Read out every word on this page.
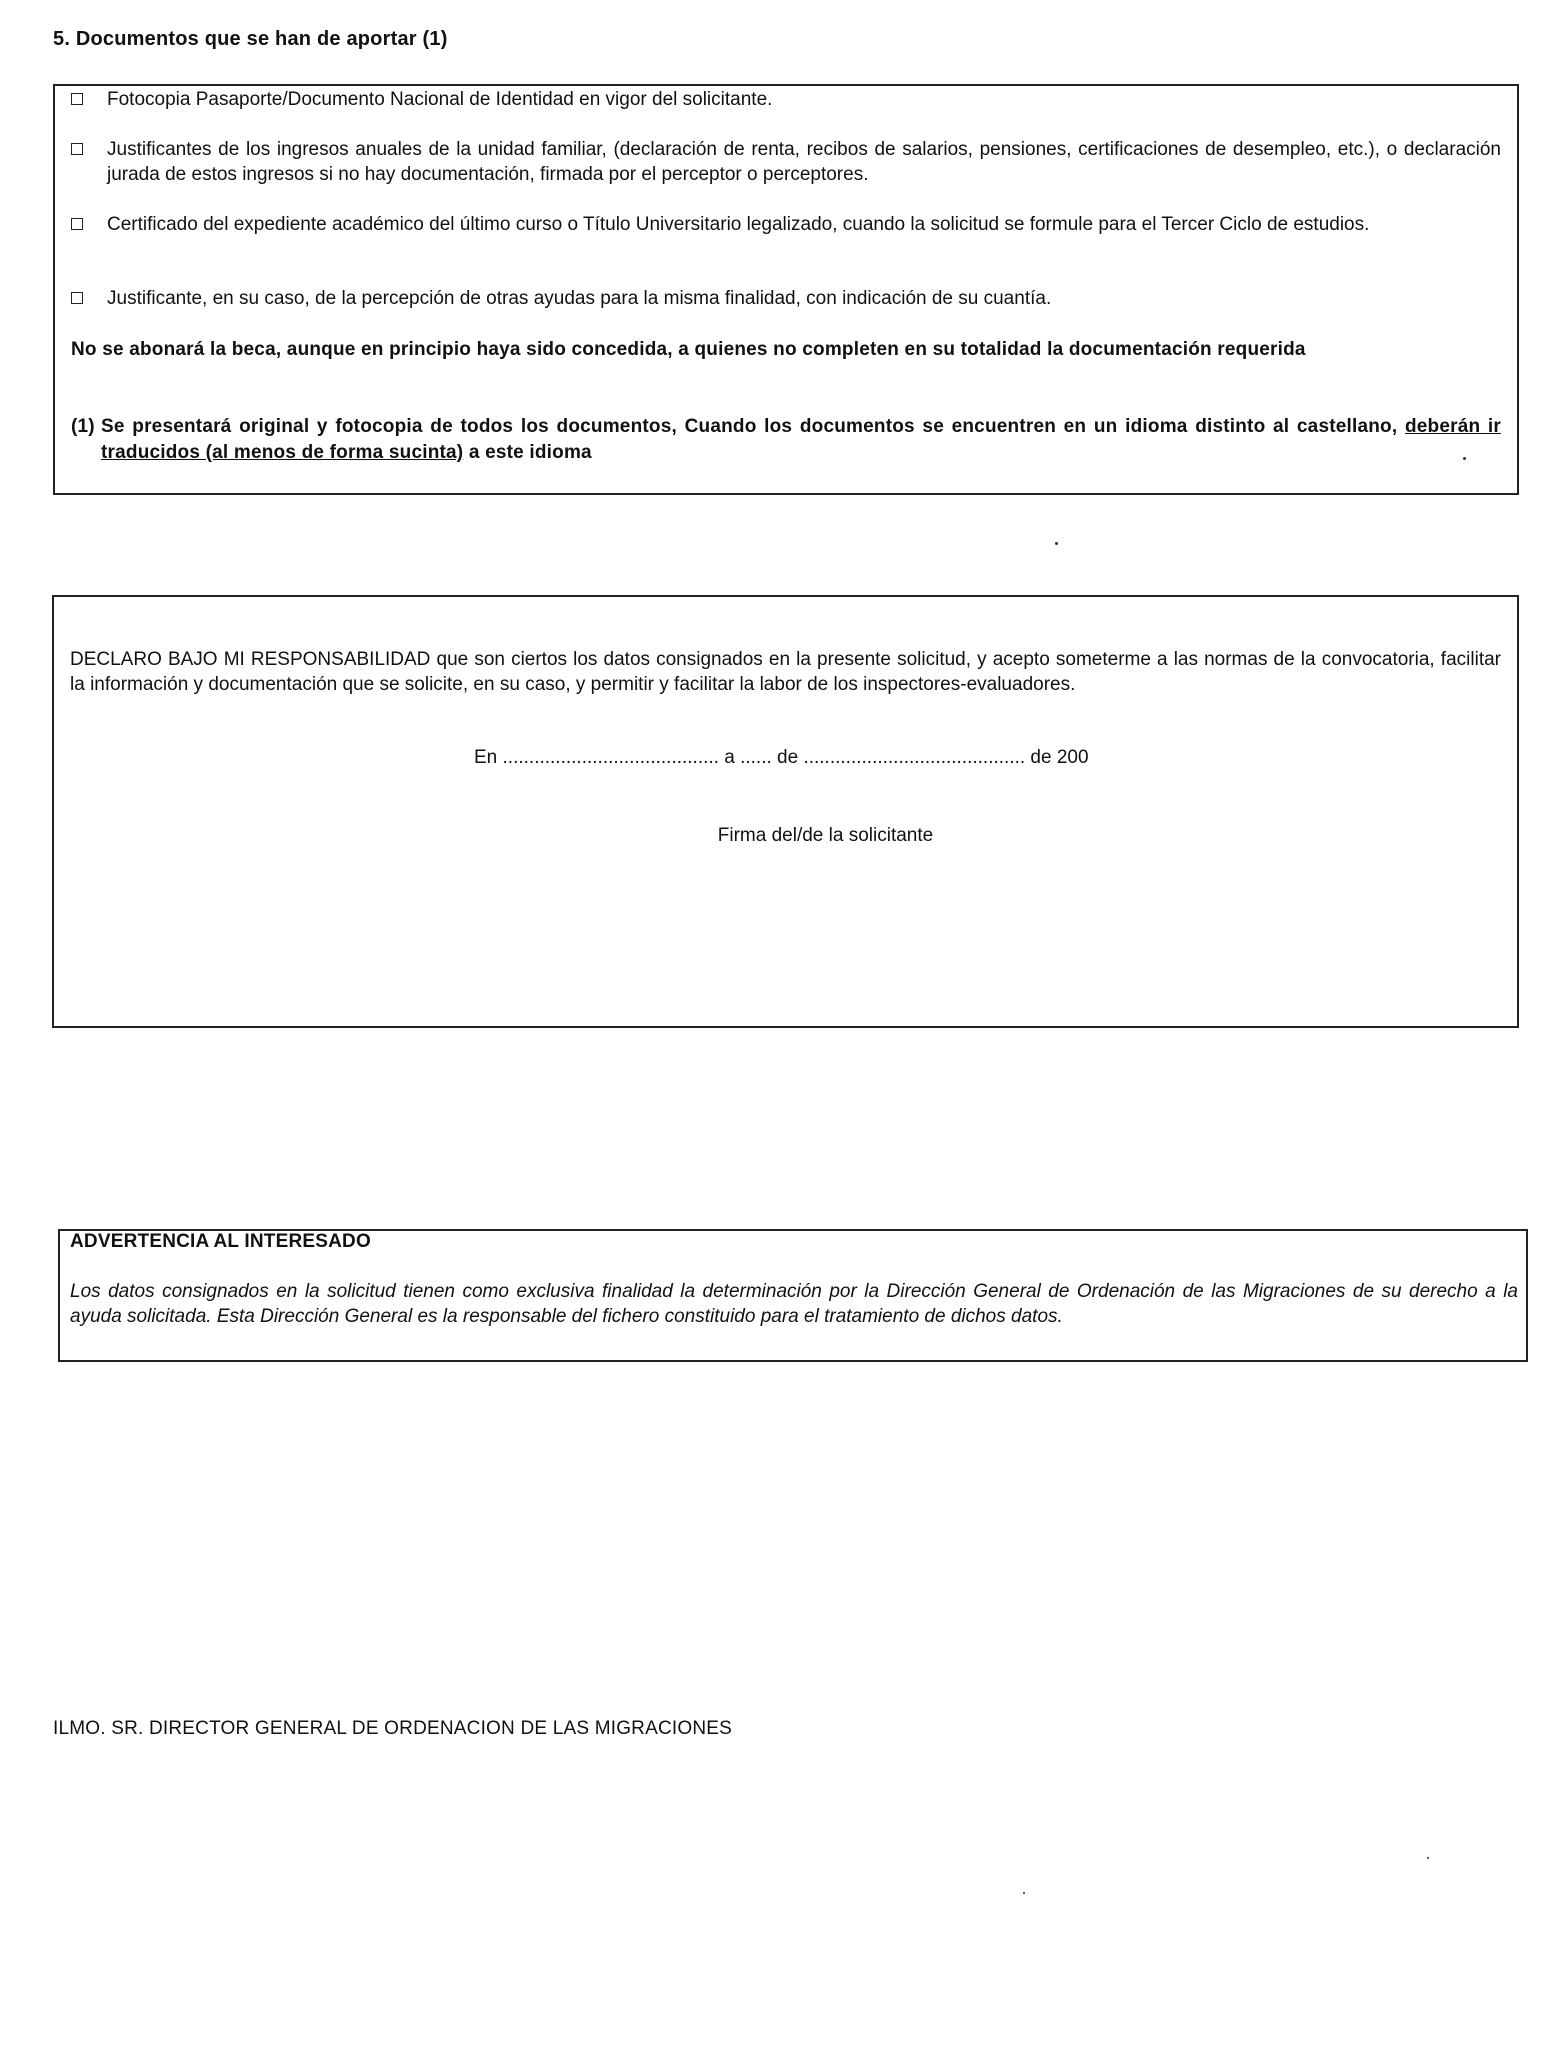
5. Documentos que se han de aportar (1)
Fotocopia Pasaporte/Documento Nacional de Identidad en vigor del solicitante.
Justificantes de los ingresos anuales de la unidad familiar, (declaración de renta, recibos de salarios, pensiones, certificaciones de desempleo, etc.), o declaración jurada de estos ingresos si no hay documentación, firmada por el perceptor o perceptores.
Certificado del expediente académico del último curso o Título Universitario legalizado, cuando la solicitud se formule para el Tercer Ciclo de estudios.
Justificante, en su caso, de la percepción de otras ayudas para la misma finalidad, con indicación de su cuantía.
No se abonará la beca, aunque en principio haya sido concedida, a quienes no completen en su totalidad la documentación requerida
(1) Se presentará original y fotocopia de todos los documentos, Cuando los documentos se encuentren en un idioma distinto al castellano, deberán ir traducidos (al menos de forma sucinta) a este idioma
DECLARO BAJO MI RESPONSABILIDAD que son ciertos los datos consignados en la presente solicitud, y acepto someterme a las normas de la convocatoria, facilitar la información y documentación que se solicite, en su caso, y permitir y facilitar la labor de los inspectores-evaluadores.
En ......................................... a ...... de .......................................... de 200
Firma del/de la solicitante
ADVERTENCIA AL INTERESADO
Los datos consignados en la solicitud tienen como exclusiva finalidad la determinación por la Dirección General de Ordenación de las Migraciones de su derecho a la ayuda solicitada. Esta Dirección General es la responsable del fichero constituido para el tratamiento de dichos datos.
ILMO. SR. DIRECTOR GENERAL DE ORDENACION DE LAS MIGRACIONES
